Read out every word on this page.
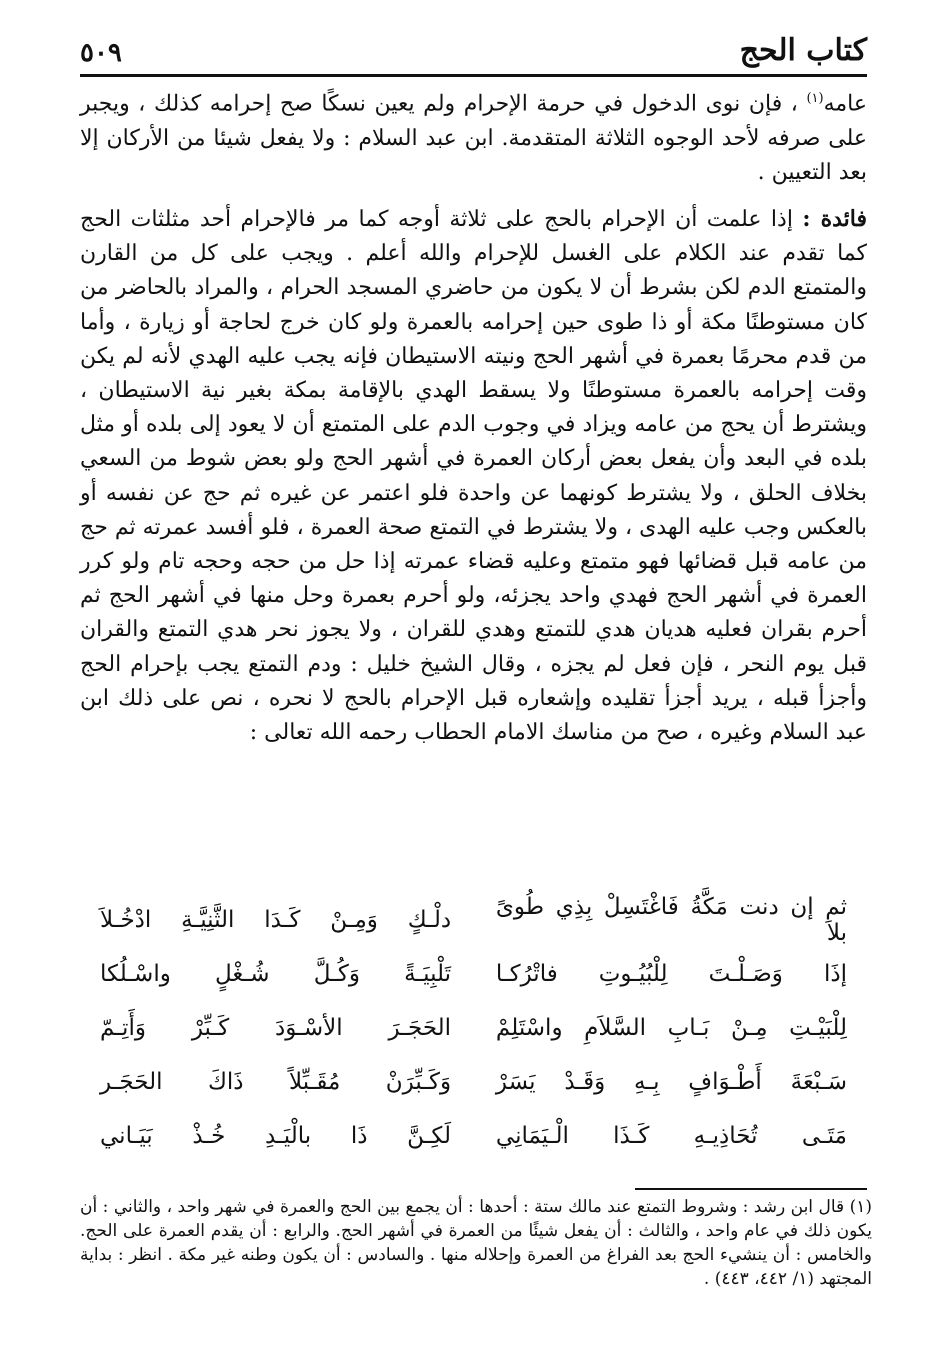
كتاب الحج
٥٠٩

عامه$^{(١)}$ ، فإن نوى الدخول في حرمة الإحرام ولم يعين نسكًا صح إحرامه كذلك ، ويجبر على صرفه لأحد الوجوه الثلاثة المتقدمة. ابن عبد السلام : ولا يفعل شيئا من الأركان إلا بعد التعيين .

فائدة : إذا علمت أن الإحرام بالحج على ثلاثة أوجه كما مر فالإحرام أحد مثلثات الحج كما تقدم عند الكلام على الغسل للإحرام والله أعلم . ويجب على كل من القارن والمتمتع الدم لكن بشرط أن لا يكون من حاضري المسجد الحرام ، والمراد بالحاضر من كان مستوطنًا مكة أو ذا طوى حين إحرامه بالعمرة ولو كان خرج لحاجة أو زيارة ، وأما من قدم محرمًا بعمرة في أشهر الحج ونيته الاستيطان فإنه يجب عليه الهدي لأنه لم يكن وقت إحرامه بالعمرة مستوطنًا ولا يسقط الهدي بالإقامة بمكة بغير نية الاستيطان ، ويشترط أن يحج من عامه ويزاد في وجوب الدم على المتمتع أن لا يعود إلى بلده أو مثل بلده في البعد وأن يفعل بعض أركان العمرة في أشهر الحج ولو بعض شوط من السعي بخلاف الحلق ، ولا يشترط كونهما عن واحدة فلو اعتمر عن غيره ثم حج عن نفسه أو بالعكس وجب عليه الهدى ، ولا يشترط في التمتع صحة العمرة ، فلو أفسد عمرته ثم حج من عامه قبل قضائها فهو متمتع وعليه قضاء عمرته إذا حل من حجه وحجه تام ولو كرر العمرة في أشهر الحج فهدي واحد يجزئه، ولو أحرم بعمرة وحل منها في أشهر الحج ثم أحرم بقران فعليه هديان هدي للتمتع وهدي للقران ، ولا يجوز نحر هدي التمتع والقران قبل يوم النحر ، فإن فعل لم يجزه ، وقال الشيخ خليل : ودم التمتع يجب بإحرام الحج وأجزأ قبله ، يريد أجزأ تقليده وإشعاره قبل الإحرام بالحج لا نحره ، نص على ذلك ابن عبد السلام وغيره ، صح من مناسك الامام الحطاب رحمه الله تعالى :

ثم إن دنت مَكَّةُ فَاغْتَسِلْ بِذِي طُوىً بلاَ
دلْـكٍ وَمِـنْ كَـدَا الثَّنِيَّـةِ ادْخُـلاَ
إذَا وَصَـلْـتَ لِلْبُيُـوتِ فاتْرُكـا
تَلْبِيَـةً وَكُـلَّ شُـغْلٍ واسْـلُكا
لِلْبَيْـتِ مِـنْ بَـابِ السَّلاَمِ واسْتَلِمْ
الحَجَـرَ الأسْـوَدَ كَـبِّرْ وَأَتِـمّ
سَـبْعَةَ أَطْـوَافٍ بِـهِ وَقَـدْ يَسَرْ
وَكَـبِّرَنْ مُقَـبِّلاً ذَاكَ الحَجَـر
مَتَـى تُحَاذِيـهِ كَـذَا الْـيَمَانِي
لَكِـنَّ ذَا بالْيَـدِ خُـذْ بَيَـاني
(١) قال ابن رشد : وشروط التمتع عند مالك ستة : أحدها : أن يجمع بين الحج والعمرة في شهر واحد ، والثاني : أن يكون ذلك في عام واحد ، والثالث : أن يفعل شيئًا من العمرة في أشهر الحج. والرابع : أن يقدم العمرة على الحج. والخامس : أن ينشيء الحج بعد الفراغ من العمرة وإحلاله منها . والسادس : أن يكون وطنه غير مكة . انظر : بداية المجتهد (١/ ٤٤٢، ٤٤٣) .
